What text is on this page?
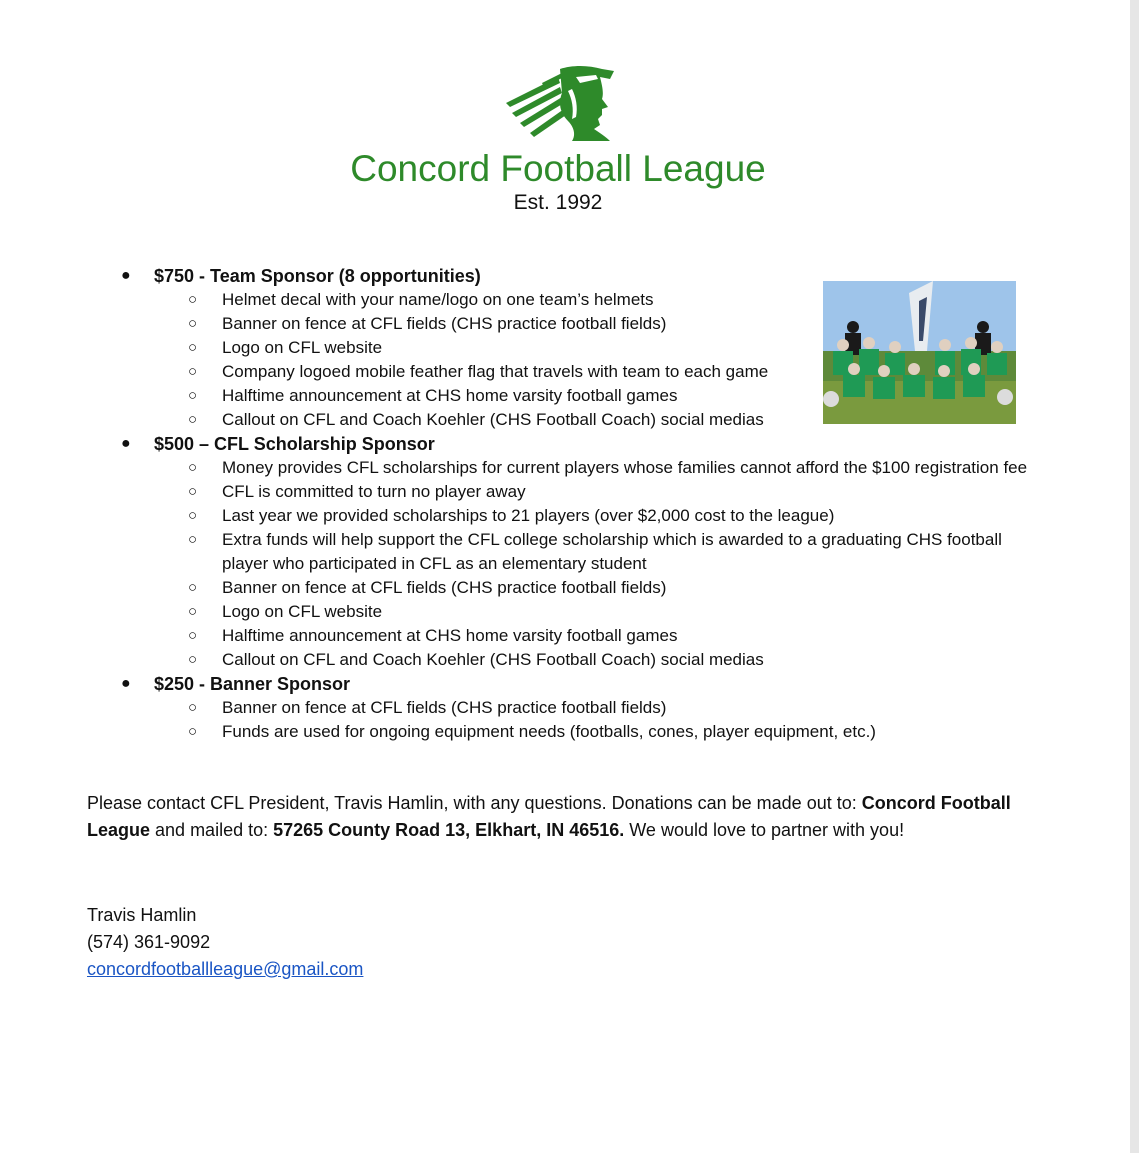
Concord Football League
Est. 1992
● $750 - Team Sponsor (8 opportunities)
○ Helmet decal with your name/logo on one team’s helmets
○ Banner on fence at CFL fields (CHS practice football fields)
○ Logo on CFL website
○ Company logoed mobile feather flag that travels with team to each game
○ Halftime announcement at CHS home varsity football games
○ Callout on CFL and Coach Koehler (CHS Football Coach) social medias
● $500 – CFL Scholarship Sponsor
○ Money provides CFL scholarships for current players whose families cannot afford the $100 registration fee
○ CFL is committed to turn no player away
○ Last year we provided scholarships to 21 players (over $2,000 cost to the league)
○ Extra funds will help support the CFL college scholarship which is awarded to a graduating CHS football player who participated in CFL as an elementary student
○ Banner on fence at CFL fields (CHS practice football fields)
○ Logo on CFL website
○ Halftime announcement at CHS home varsity football games
○ Callout on CFL and Coach Koehler (CHS Football Coach) social medias
● $250 - Banner Sponsor
○ Banner on fence at CFL fields (CHS practice football fields)
○ Funds are used for ongoing equipment needs (footballs, cones, player equipment, etc.)
Please contact CFL President, Travis Hamlin, with any questions. Donations can be made out to: Concord Football League and mailed to: 57265 County Road 13, Elkhart, IN 46516. We would love to partner with you!
Travis Hamlin
(574) 361-9092
concordfootballleague@gmail.com
